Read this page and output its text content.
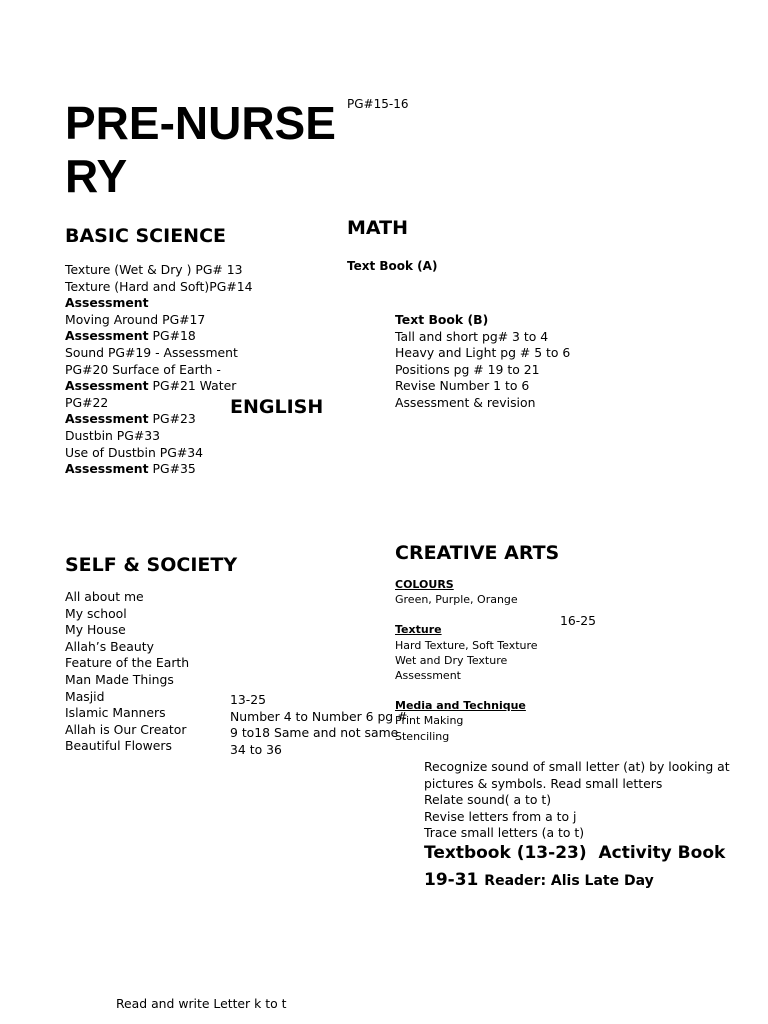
PRE-NURSE
RY
PG#15-16
BASIC SCIENCE
Texture (Wet & Dry ) PG# 13
Texture (Hard and Soft)PG#14 Assessment
Moving Around PG#17
Assessment PG#18
Sound PG#19 - Assessment
PG#20 Surface of Earth -
Assessment PG#21 Water
PG#22
Assessment PG#23
Dustbin PG#33
Use of Dustbin PG#34
Assessment PG#35
ENGLISH
MATH
Text Book (A)
Text Book (B)
Tall and short pg# 3 to 4
Heavy and Light pg # 5 to 6
Positions pg # 19 to 21
Revise Number 1 to 6
Assessment & revision
SELF & SOCIETY
All about me
My school
My House
Allah’s Beauty
Feature of the Earth
Man Made Things
Masjid
Islamic Manners
Allah is Our Creator
Beautiful Flowers
13-25
Number 4 to Number 6 pg #
9 to18 Same and not same
34 to 36
CREATIVE ARTS
COLOURS
Green, Purple, Orange
Texture
Hard Texture, Soft Texture
Wet and Dry Texture
Assessment
Media and Technique
Print Making
Stenciling
16-25
Recognize sound of small letter (at) by looking at
pictures & symbols. Read small letters
Relate sound( a to t)
Revise letters from a to j
Trace small letters (a to t)
Textbook (13-23)  Activity Book
19-31 Reader: Alis Late Day
Read and write Letter k to t
